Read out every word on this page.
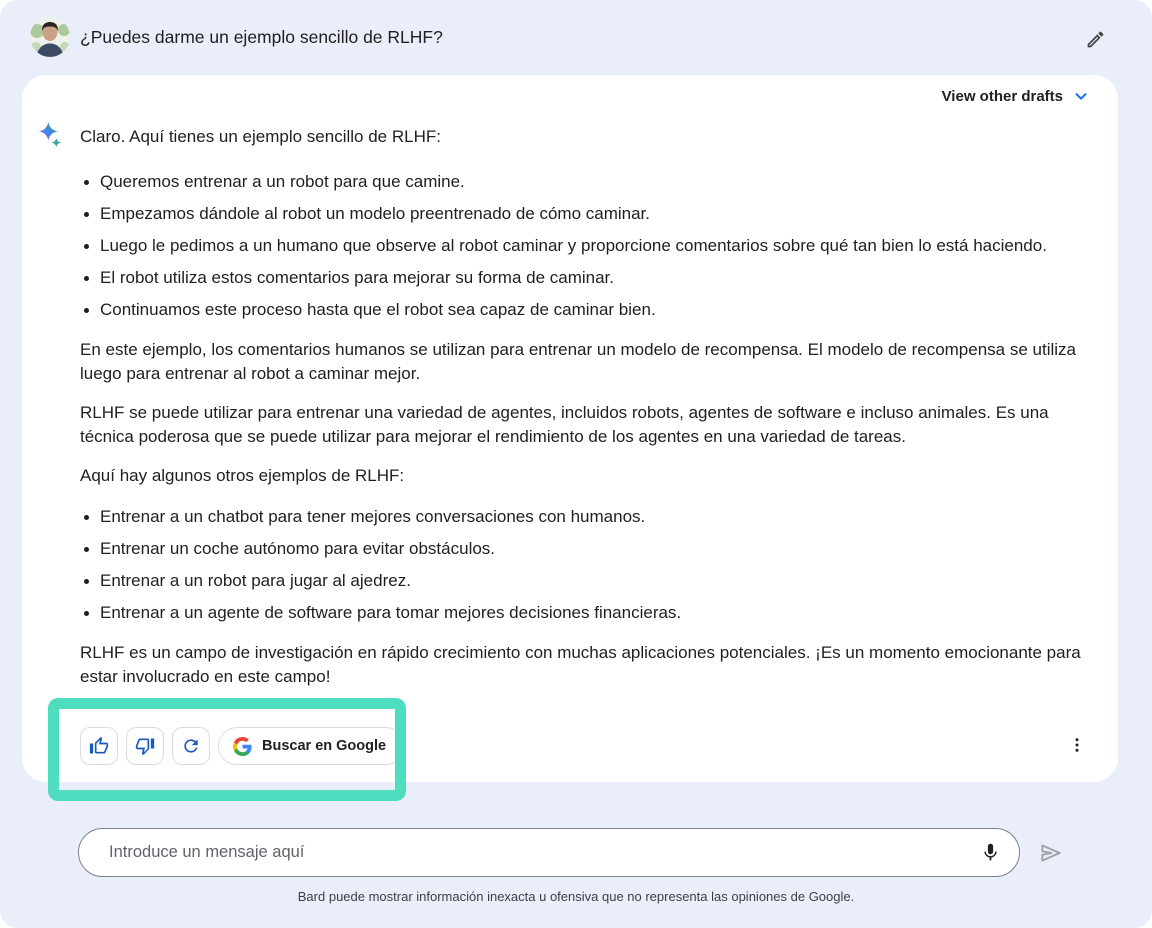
¿Puedes darme un ejemplo sencillo de RLHF?
View other drafts

Claro. Aquí tienes un ejemplo sencillo de RLHF:

Queremos entrenar a un robot para que camine.
Empezamos dándole al robot un modelo preentrenado de cómo caminar.
Luego le pedimos a un humano que observe al robot caminar y proporcione comentarios sobre qué tan bien lo está haciendo.
El robot utiliza estos comentarios para mejorar su forma de caminar.
Continuamos este proceso hasta que el robot sea capaz de caminar bien.

En este ejemplo, los comentarios humanos se utilizan para entrenar un modelo de recompensa. El modelo de recompensa se utiliza luego para entrenar al robot a caminar mejor.

RLHF se puede utilizar para entrenar una variedad de agentes, incluidos robots, agentes de software e incluso animales. Es una técnica poderosa que se puede utilizar para mejorar el rendimiento de los agentes en una variedad de tareas.

Aquí hay algunos otros ejemplos de RLHF:

Entrenar a un chatbot para tener mejores conversaciones con humanos.
Entrenar un coche autónomo para evitar obstáculos.
Entrenar a un robot para jugar al ajedrez.
Entrenar a un agente de software para tomar mejores decisiones financieras.

RLHF es un campo de investigación en rápido crecimiento con muchas aplicaciones potenciales. ¡Es un momento emocionante para estar involucrado en este campo!

Buscar en Google
Introduce un mensaje aquí
Bard puede mostrar información inexacta u ofensiva que no representa las opiniones de Google.
